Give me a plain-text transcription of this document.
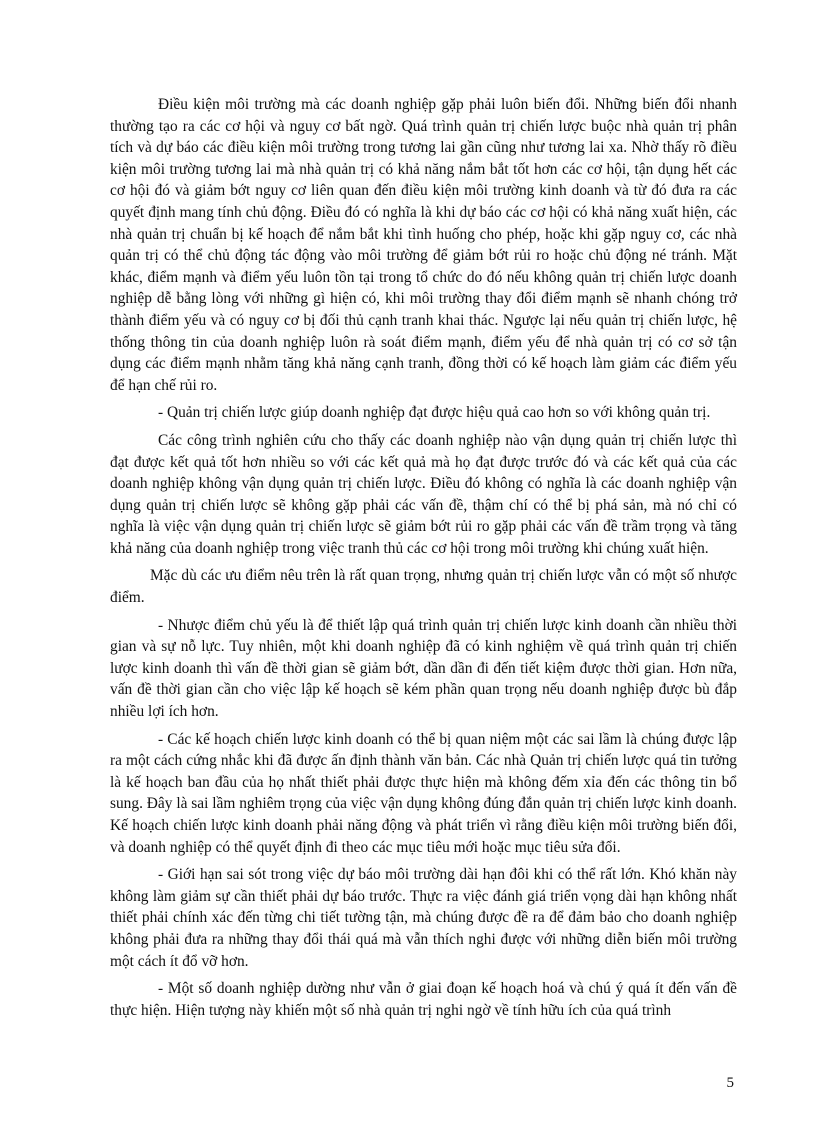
Điều kiện môi trường mà các doanh nghiệp gặp phải luôn biến đổi. Những biến đổi nhanh thường tạo ra các cơ hội và nguy cơ bất ngờ. Quá trình quản trị chiến lược buộc nhà quản trị phân tích và dự báo các điều kiện môi trường trong tương lai gần cũng như tương lai xa. Nhờ thấy rõ điều kiện môi trường tương lai mà nhà quản trị có khả năng nắm bắt tốt hơn các cơ hội, tận dụng hết các cơ hội đó và giảm bớt nguy cơ liên quan đến điều kiện môi trường kinh doanh và từ đó đưa ra các quyết định mang tính chủ động. Điều đó có nghĩa là khi dự báo các cơ hội có khả năng xuất hiện, các nhà quản trị chuẩn bị kế hoạch để nắm bắt khi tình huống cho phép, hoặc khi gặp nguy cơ, các nhà quản trị có thể chủ động tác động vào môi trường để giảm bớt rủi ro hoặc chủ động né tránh. Mặt khác, điểm mạnh và điểm yếu luôn tồn tại trong tổ chức do đó nếu không quản trị chiến lược doanh nghiệp dễ bằng lòng với những gì hiện có, khi môi trường thay đổi điểm mạnh sẽ nhanh chóng trở thành điểm yếu và có nguy cơ bị đối thủ cạnh tranh khai thác. Ngược lại nếu quản trị chiến lược, hệ thống thông tin của doanh nghiệp luôn rà soát điểm mạnh, điểm yếu để nhà quản trị có cơ sở tận dụng các điểm mạnh nhằm tăng khả năng cạnh tranh, đồng thời có kế hoạch làm giảm các điểm yếu để hạn chế rủi ro.

- Quản trị chiến lược giúp doanh nghiệp đạt được hiệu quả cao hơn so với không quản trị.

Các công trình nghiên cứu cho thấy các doanh nghiệp nào vận dụng quản trị chiến lược thì đạt được kết quả tốt hơn nhiều so với các kết quả mà họ đạt được trước đó và các kết quả của các doanh nghiệp không vận dụng quản trị chiến lược. Điều đó không có nghĩa là các doanh nghiệp vận dụng quản trị chiến lược sẽ không gặp phải các vấn đề, thậm chí có thể bị phá sản, mà nó chỉ có nghĩa là việc vận dụng quản trị chiến lược sẽ giảm bớt rủi ro gặp phải các vấn đề trầm trọng và tăng khả năng của doanh nghiệp trong việc tranh thủ các cơ hội trong môi trường khi chúng xuất hiện.

Mặc dù các ưu điểm nêu trên là rất quan trọng, nhưng quản trị chiến lược vẫn có một số nhược điểm.

- Nhược điểm chủ yếu là để thiết lập quá trình quản trị chiến lược kinh doanh cần nhiều thời gian và sự nỗ lực. Tuy nhiên, một khi doanh nghiệp đã có kinh nghiệm về quá trình quản trị chiến lược kinh doanh thì vấn đề thời gian sẽ giảm bớt, dần dần đi đến tiết kiệm được thời gian. Hơn nữa, vấn đề thời gian cần cho việc lập kế hoạch sẽ kém phần quan trọng nếu doanh nghiệp được bù đắp nhiều lợi ích hơn.

- Các kế hoạch chiến lược kinh doanh có thể bị quan niệm một các sai lầm là chúng được lập ra một cách cứng nhắc khi đã được ấn định thành văn bản. Các nhà Quản trị chiến lược quá tin tưởng là kế hoạch ban đầu của họ nhất thiết phải được thực hiện mà không đếm xỉa đến các thông tin bổ sung. Đây là sai lầm nghiêm trọng của việc vận dụng không đúng đắn quản trị chiến lược kinh doanh. Kế hoạch chiến lược kinh doanh phải năng động và phát triển vì rằng điều kiện môi trường biến đổi, và doanh nghiệp có thể quyết định đi theo các mục tiêu mới hoặc mục tiêu sửa đổi.

- Giới hạn sai sót trong việc dự báo môi trường dài hạn đôi khi có thể rất lớn. Khó khăn này không làm giảm sự cần thiết phải dự báo trước. Thực ra việc đánh giá triển vọng dài hạn không nhất thiết phải chính xác đến từng chi tiết tường tận, mà chúng được đề ra để đảm bảo cho doanh nghiệp không phải đưa ra những thay đổi thái quá mà vẫn thích nghi được với những diễn biến môi trường một cách ít đổ vỡ hơn.

- Một số doanh nghiệp dường như vẫn ở giai đoạn kế hoạch hoá và chú ý quá ít đến vấn đề thực hiện. Hiện tượng này khiến một số nhà quản trị nghi ngờ về tính hữu ích của quá trình

5
